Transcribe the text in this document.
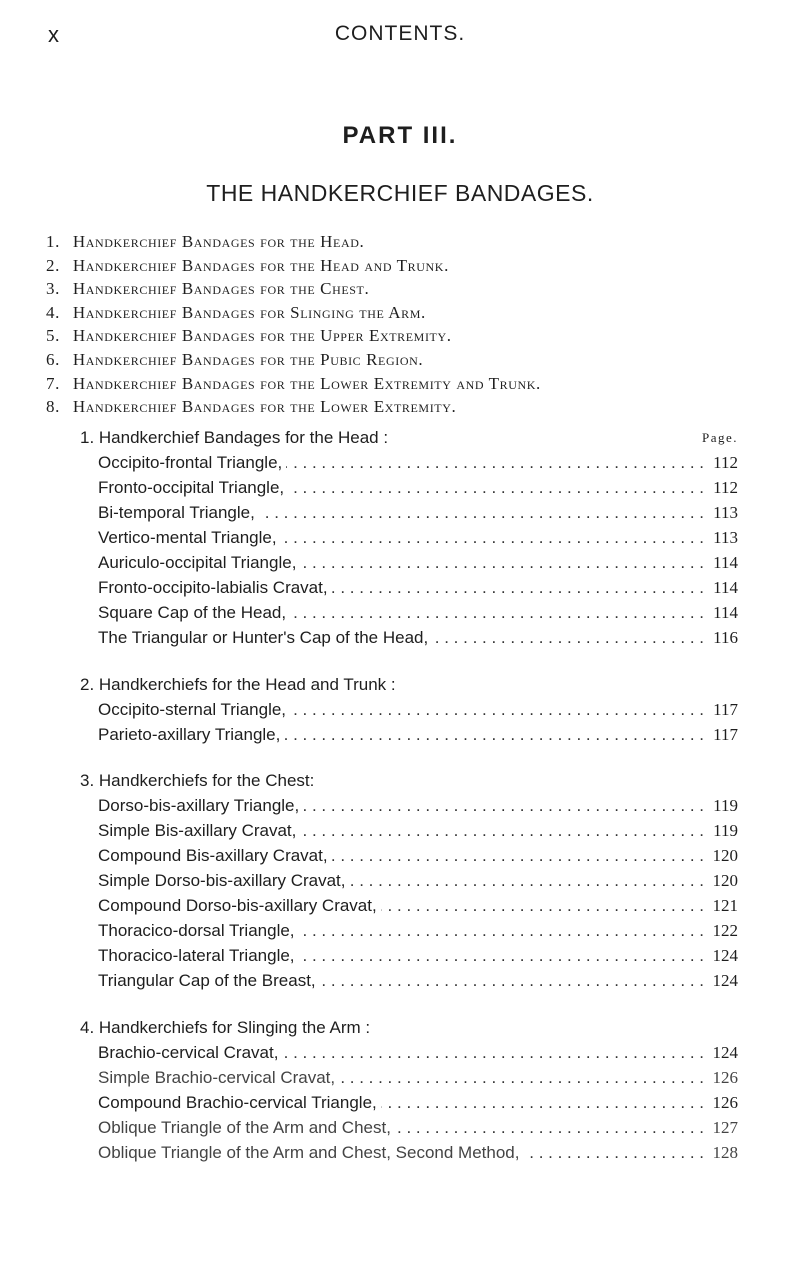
x	CONTENTS.
PART III.
THE HANDKERCHIEF BANDAGES.
1. Handkerchief Bandages for the Head.
2. Handkerchief Bandages for the Head and Trunk.
3. Handkerchief Bandages for the Chest.
4. Handkerchief Bandages for Slinging the Arm.
5. Handkerchief Bandages for the Upper Extremity.
6. Handkerchief Bandages for the Pubic Region.
7. Handkerchief Bandages for the Lower Extremity and Trunk.
8. Handkerchief Bandages for the Lower Extremity.
1. Handkerchief Bandages for the Head :	Page.
Occipito-frontal Triangle, . . .	112
Fronto-occipital Triangle, . . .	112
Bi-temporal Triangle, . . .	113
Vertico-mental Triangle, . . .	113
Auriculo-occipital Triangle, . . .	114
Fronto-occipito-labialis Cravat, . . .	114
Square Cap of the Head, . . .	114
The Triangular or Hunter's Cap of the Head, . . .	116
2. Handkerchiefs for the Head and Trunk :
Occipito-sternal Triangle, . . .	117
Parieto-axillary Triangle, . . .	117
3. Handkerchiefs for the Chest:
Dorso-bis-axillary Triangle, . . .	119
Simple Bis-axillary Cravat, . . .	119
Compound Bis-axillary Cravat, . . .	120
Simple Dorso-bis-axillary Cravat, . . .	120
Compound Dorso-bis-axillary Cravat, . . .	121
Thoracico-dorsal Triangle, . . .	122
Thoracico-lateral Triangle, . . .	124
Triangular Cap of the Breast, . . .	124
4. Handkerchiefs for Slinging the Arm :
Brachio-cervical Cravat, . . .	124
Simple Brachio-cervical Cravat, . . .	126
Compound Brachio-cervical Triangle, . . .	126
Oblique Triangle of the Arm and Chest, . . .	127
Oblique Triangle of the Arm and Chest, Second Method, . . .	128
